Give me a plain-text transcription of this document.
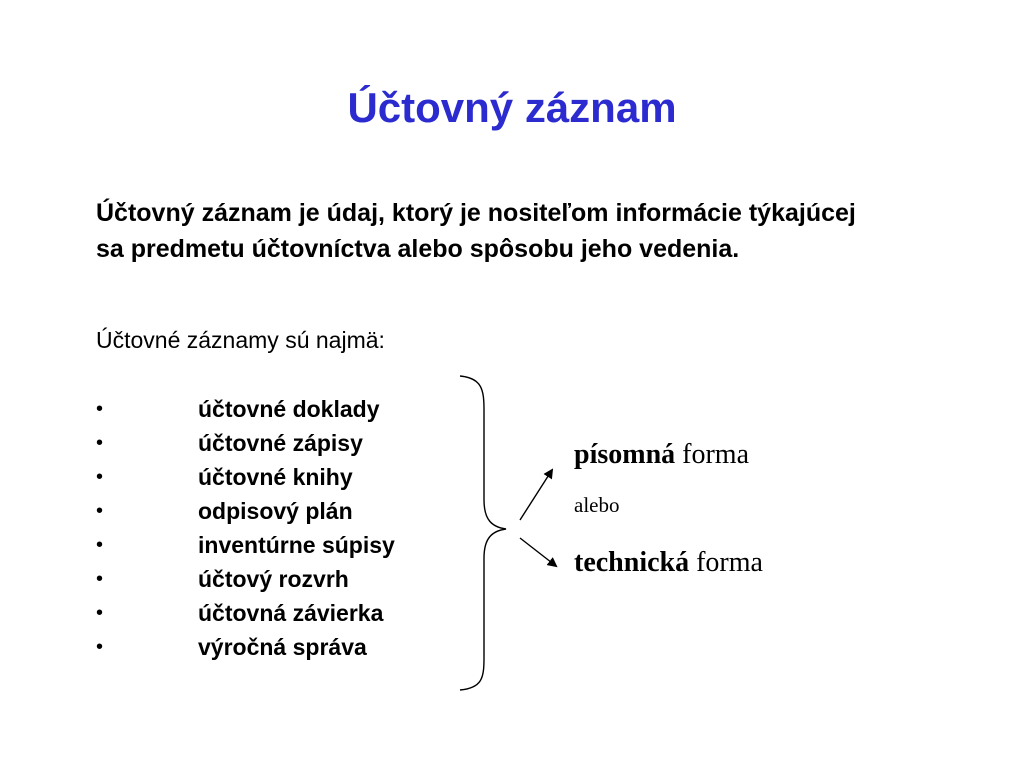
Účtovný záznam
Účtovný záznam je údaj, ktorý je nositeľom informácie týkajúcej sa predmetu účtovníctva alebo spôsobu jeho vedenia.
Účtovné záznamy sú najmä:
•	účtovné doklady
•	účtovné zápisy
•	účtovné knihy
•	odpisový plán
•	inventúrne súpisy
•	účtový rozvrh
•	účtovná závierka
•	výročná správa
písomná forma
alebo
technická forma
